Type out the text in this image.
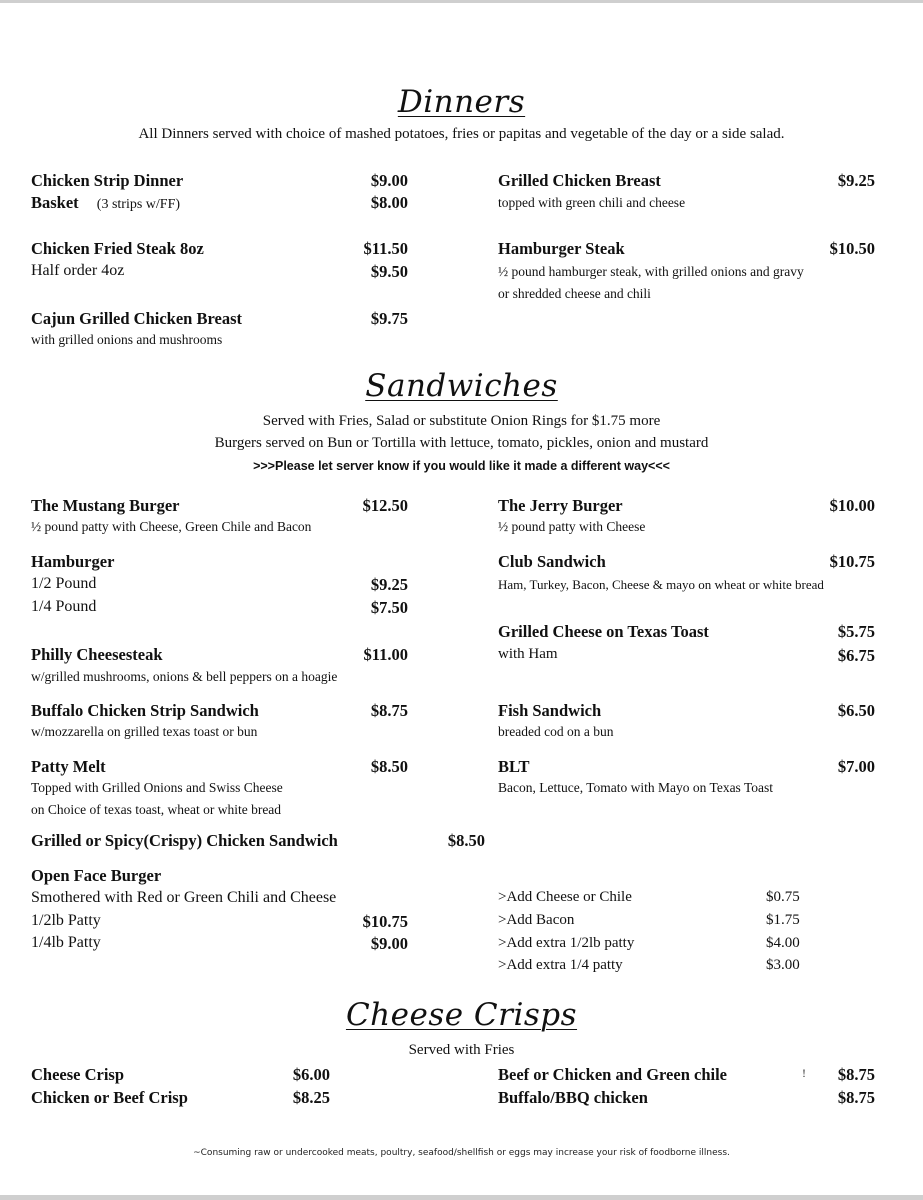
Dinners
All Dinners served with choice of mashed potatoes, fries or papitas and vegetable of the day or a side salad.
Chicken Strip Dinner	$9.00
Basket (3 strips w/FF)	$8.00
Chicken Fried Steak 8oz	$11.50
Half order 4oz	$9.50
Cajun Grilled Chicken Breast	$9.75
with grilled onions and mushrooms
Grilled Chicken Breast	$9.25
topped with green chili and cheese
Hamburger Steak	$10.50
½ pound hamburger steak, with grilled onions and gravy
or shredded cheese and chili
Sandwiches
Served with Fries, Salad or substitute Onion Rings for $1.75 more
Burgers served on Bun or Tortilla with lettuce, tomato, pickles, onion and mustard
>>>Please let server know if you would like it made a different way<<<
The Mustang Burger	$12.50
½ pound patty with Cheese, Green Chile and Bacon
Hamburger
1/2 Pound	$9.25
1/4 Pound	$7.50
Philly Cheesesteak	$11.00
w/grilled mushrooms, onions & bell peppers on a hoagie
Buffalo Chicken Strip Sandwich	$8.75
w/mozzarella on grilled texas toast or bun
Patty Melt	$8.50
Topped with Grilled Onions and Swiss Cheese
on Choice of texas toast, wheat or white bread
Grilled or Spicy(Crispy) Chicken Sandwich	$8.50
Open Face Burger
Smothered with Red or Green Chili and Cheese
1/2lb Patty	$10.75
1/4lb Patty	$9.00
The Jerry Burger	$10.00
½ pound patty with Cheese
Club Sandwich	$10.75
Ham, Turkey, Bacon, Cheese & mayo on wheat or white bread
Grilled Cheese on Texas Toast	$5.75
with Ham	$6.75
Fish Sandwich	$6.50
breaded cod on a bun
BLT	$7.00
Bacon, Lettuce, Tomato with Mayo on Texas Toast
>Add Cheese or Chile	$0.75
>Add Bacon	$1.75
>Add extra 1/2lb patty	$4.00
>Add extra 1/4 patty	$3.00
Cheese Crisps
Served with Fries
Cheese Crisp	$6.00
Chicken or Beef Crisp	$8.25
Beef or Chicken and Green chile	!	$8.75
Buffalo/BBQ chicken	$8.75
~Consuming raw or undercooked meats, poultry, seafood/shellfish or eggs may increase your risk of foodborne illness.
